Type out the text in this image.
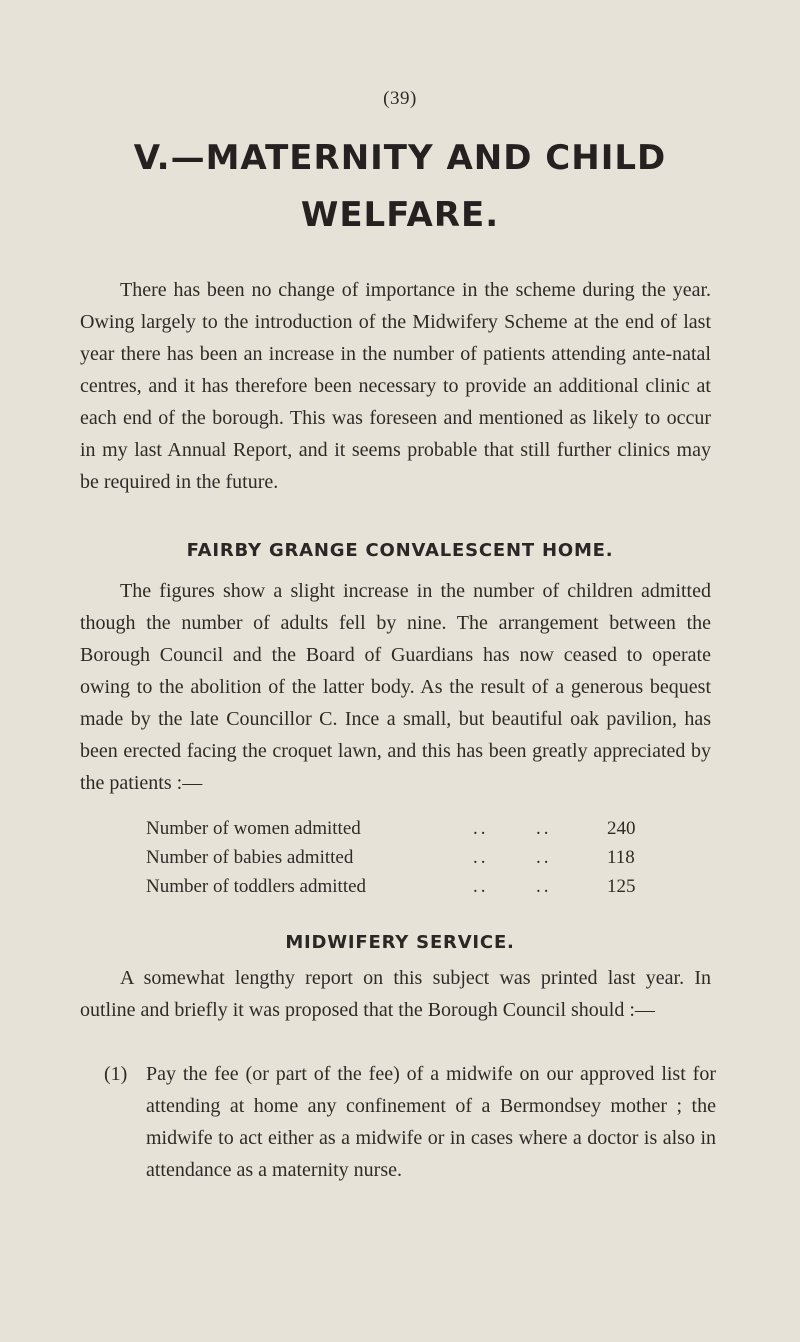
(39)
V.—MATERNITY AND CHILD
WELFARE.

There has been no change of importance in the scheme during the year. Owing largely to the introduction of the Midwifery Scheme at the end of last year there has been an increase in the number of patients attending ante-natal centres, and it has therefore been necessary to provide an additional clinic at each end of the borough. This was foreseen and mentioned as likely to occur in my last Annual Report, and it seems probable that still further clinics may be required in the future.

FAIRBY GRANGE CONVALESCENT HOME.

The figures show a slight increase in the number of children admitted though the number of adults fell by nine. The arrangement between the Borough Council and the Board of Guardians has now ceased to operate owing to the abolition of the latter body. As the result of a generous bequest made by the late Councillor C. Ince a small, but beautiful oak pavilion, has been erected facing the croquet lawn, and this has been greatly appreciated by the patients :—

Number of women admitted	..	..	240
Number of babies admitted	..	..	118
Number of toddlers admitted	..	..	125
MIDWIFERY SERVICE.

A somewhat lengthy report on this subject was printed last year. In outline and briefly it was proposed that the Borough Council should :—

(1) Pay the fee (or part of the fee) of a midwife on our approved list for attending at home any confinement of a Bermondsey mother ; the midwife to act either as a midwife or in cases where a doctor is also in attendance as a maternity nurse.
